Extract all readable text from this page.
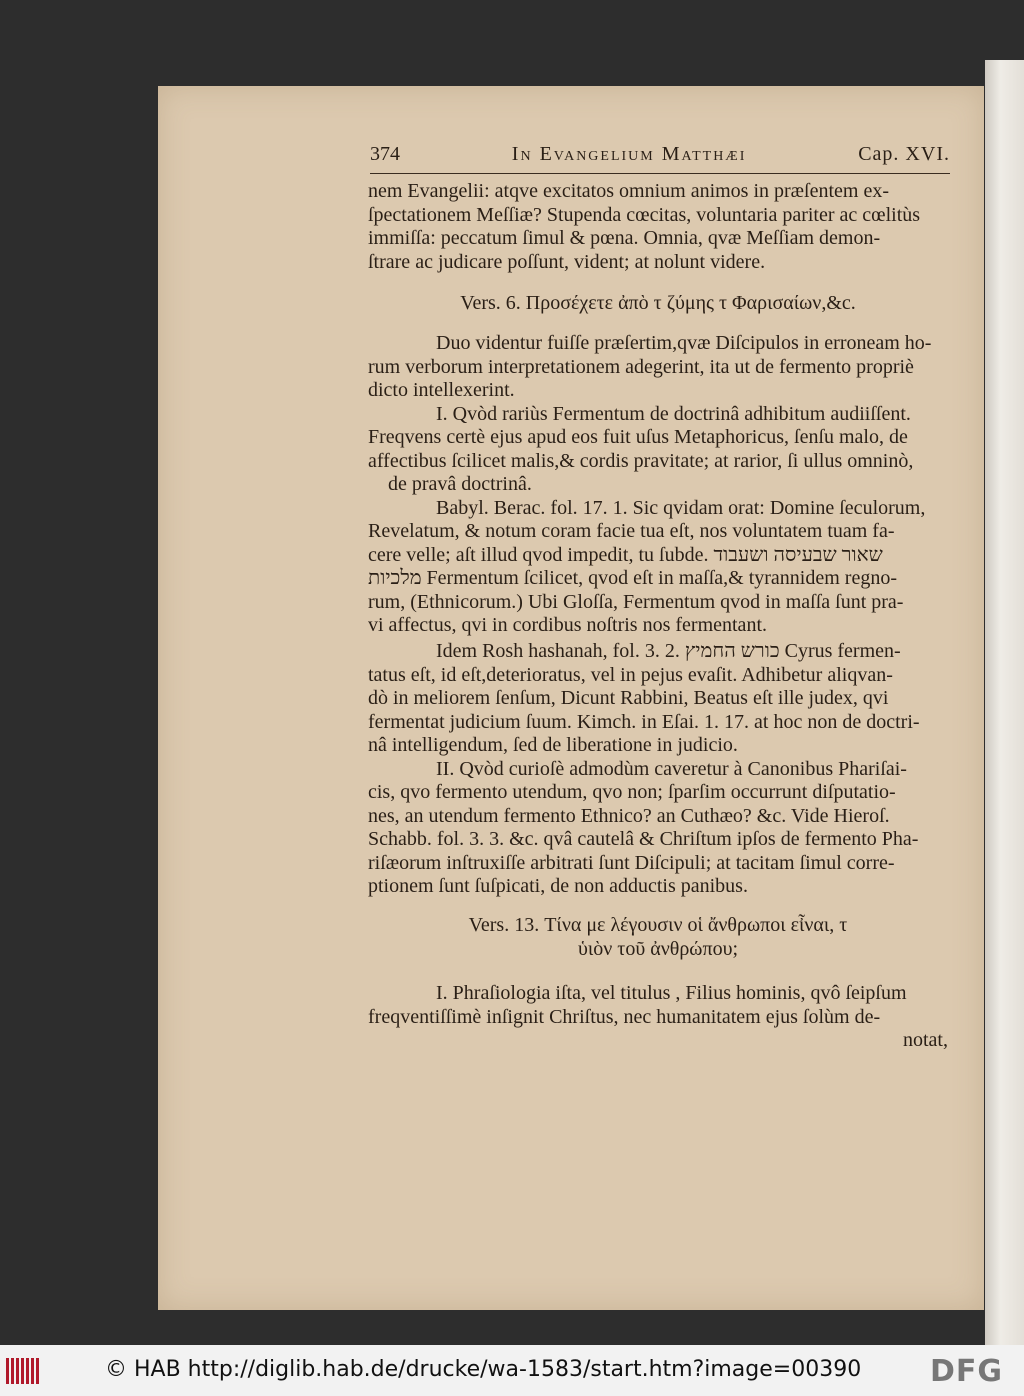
374	In Evangelium Matthæi	Cap. XVI.
nem Evangelii: atqve excitatos omnium animos in præſentem ex-
ſpectationem Meſſiæ? Stupenda cœcitas, voluntaria pariter ac cœlitùs
immiſſa: peccatum ſimul & pœna. Omnia, qvæ Meſſiam demon-
ſtrare ac judicare poſſunt, vident; at nolunt videre.
Vers. 6. Προσέχετε ἀπὸ τ ζύμης τ Φαρισαίων,&c.
Duo videntur fuiſſe præſertim,qvæ Diſcipulos in erroneam ho-
rum verborum interpretationem adegerint, ita ut de fermento propriè
dicto intellexerint.
I. Qvòd rariùs Fermentum de doctrinâ adhibitum audiiſſent.
Freqvens certè ejus apud eos fuit uſus Metaphoricus, ſenſu malo, de
affectibus ſcilicet malis,& cordis pravitate; at rarior, ſi ullus omninò,
de pravâ doctrinâ.
Babyl. Berac. fol. 17. 1. Sic qvidam orat: Domine ſeculorum,
Revelatum, & notum coram facie tua eſt, nos voluntatem tuam fa-
cere velle; aſt illud qvod impedit, tu ſubde. שאור שבעיסה ושעבוד
מלכיות Fermentum ſcilicet, qvod eſt in maſſa,& tyrannidem regno-
rum, (Ethnicorum.) Ubi Gloſſa, Fermentum qvod in maſſa ſunt pra-
vi affectus, qvi in cordibus noſtris nos fermentant.
Idem Rosh hashanah, fol. 3. 2. כורש החמיץ Cyrus fermen-
tatus eſt, id eſt,deterioratus, vel in pejus evaſit. Adhibetur aliqvan-
dò in meliorem ſenſum, Dicunt Rabbini, Beatus eſt ille judex, qvi
fermentat judicium ſuum. Kimch. in Eſai. 1. 17. at hoc non de doctri-
nâ intelligendum, ſed de liberatione in judicio.
II. Qvòd curioſè admodùm caveretur à Canonibus Phariſai-
cis, qvo fermento utendum, qvo non; ſparſim occurrunt diſputatio-
nes, an utendum fermento Ethnico? an Cuthæo? &c. Vide Hieroſ.
Schabb. fol. 3. 3. &c. qvâ cautelâ & Chriſtum ipſos de fermento Pha-
riſæorum inſtruxiſſe arbitrati ſunt Diſcipuli; at tacitam ſimul corre-
ptionem ſunt ſuſpicati, de non adductis panibus.
Vers. 13. Τίνα με λέγουσιν οἱ ἄνθρωποι εἶναι, τ
ὑιὸν τοῦ ἀνθρώπου;
I. Phraſiologia iſta, vel titulus , Filius hominis, qvô ſeipſum
freqventiſſimè inſignit Chriſtus, nec humanitatem ejus ſolùm de-
notat,
© HAB http://diglib.hab.de/drucke/wa-1583/start.htm?image=00390 DFG
